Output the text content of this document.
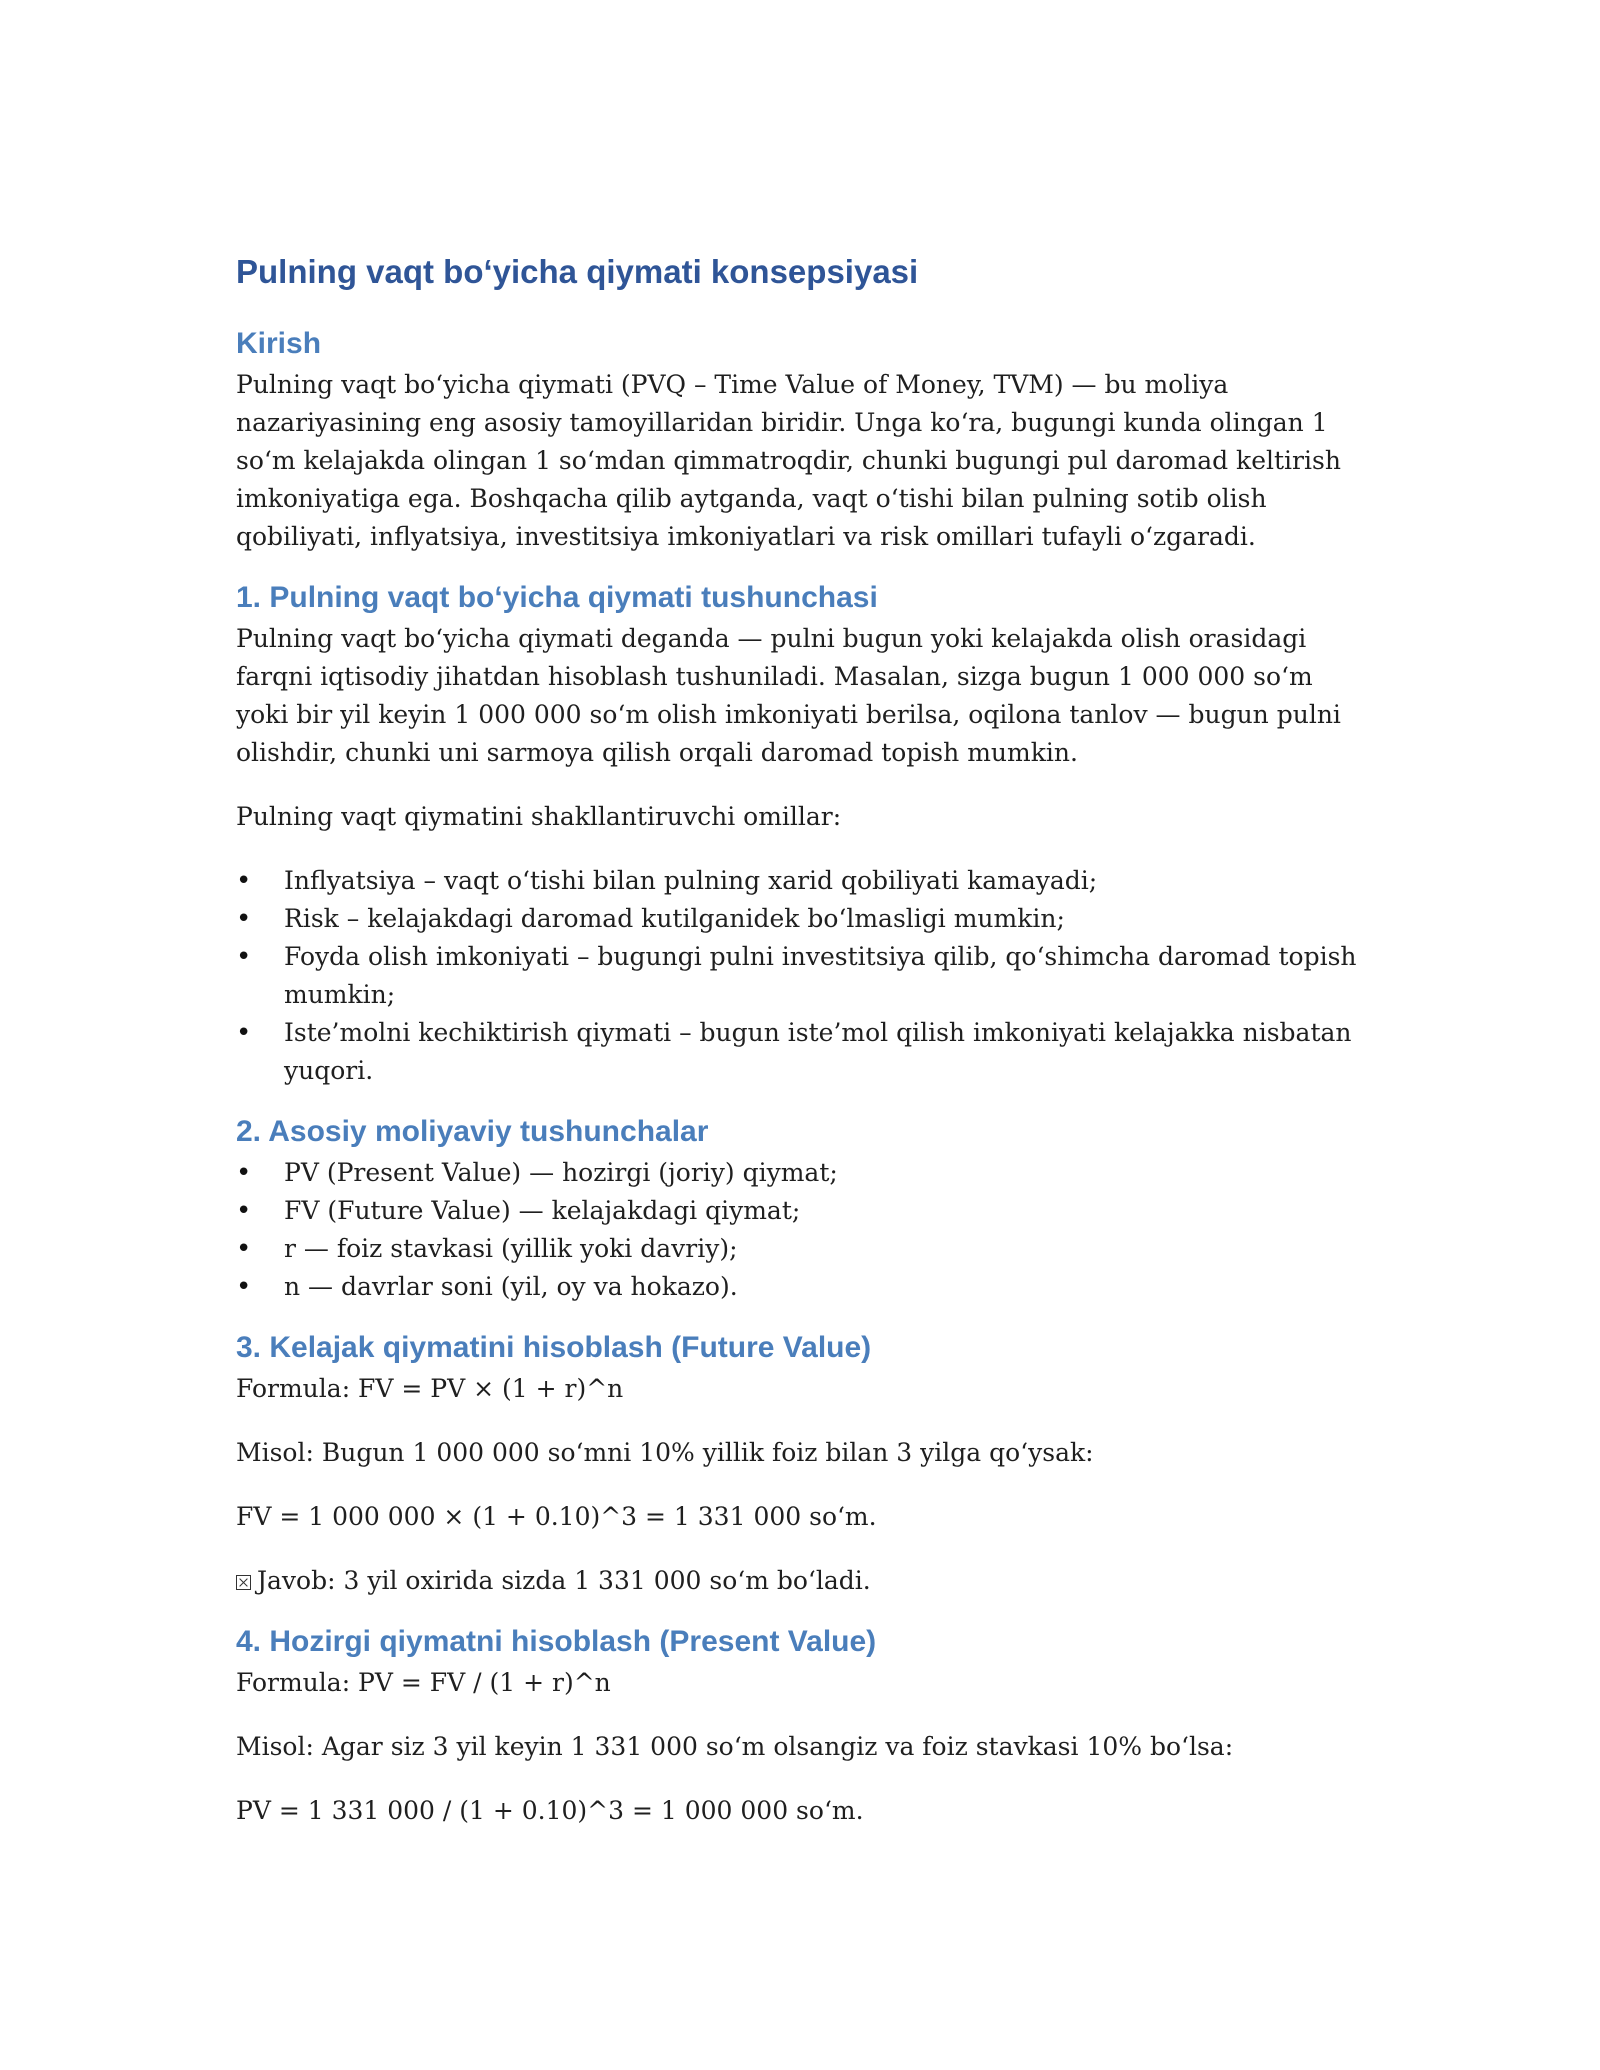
Pulning vaqt bo‘yicha qiymati konsepsiyasi
Kirish

Pulning vaqt bo‘yicha qiymati (PVQ – Time Value of Money, TVM) — bu moliya nazariyasining eng asosiy tamoyillaridan biridir. Unga ko‘ra, bugungi kunda olingan 1 so‘m kelajakda olingan 1 so‘mdan qimmatroqdir, chunki bugungi pul daromad keltirish imkoniyatiga ega. Boshqacha qilib aytganda, vaqt o‘tishi bilan pulning sotib olish qobiliyati, inflyatsiya, investitsiya imkoniyatlari va risk omillari tufayli o‘zgaradi.

1. Pulning vaqt bo‘yicha qiymati tushunchasi

Pulning vaqt bo‘yicha qiymati deganda — pulni bugun yoki kelajakda olish orasidagi farqni iqtisodiy jihatdan hisoblash tushuniladi. Masalan, sizga bugun 1 000 000 so‘m yoki bir yil keyin 1 000 000 so‘m olish imkoniyati berilsa, oqilona tanlov — bugun pulni olishdir, chunki uni sarmoya qilish orqali daromad topish mumkin.

Pulning vaqt qiymatini shakllantiruvchi omillar:

• Inflyatsiya – vaqt o‘tishi bilan pulning xarid qobiliyati kamayadi;
• Risk – kelajakdagi daromad kutilganidek bo‘lmasligi mumkin;
• Foyda olish imkoniyati – bugungi pulni investitsiya qilib, qo‘shimcha daromad topish mumkin;
• Iste’molni kechiktirish qiymati – bugun iste’mol qilish imkoniyati kelajakka nisbatan yuqori.
2. Asosiy moliyaviy tushunchalar
• PV (Present Value) — hozirgi (joriy) qiymat;
• FV (Future Value) — kelajakdagi qiymat;
• r — foiz stavkasi (yillik yoki davriy);
• n — davrlar soni (yil, oy va hokazo).
3. Kelajak qiymatini hisoblash (Future Value)

Formula: FV = PV × (1 + r)^n

Misol: Bugun 1 000 000 so‘mni 10% yillik foiz bilan 3 yilga qo‘ysak:

FV = 1 000 000 × (1 + 0.10)^3 = 1 331 000 so‘m.

Javob: 3 yil oxirida sizda 1 331 000 so‘m bo‘ladi.

4. Hozirgi qiymatni hisoblash (Present Value)

Formula: PV = FV / (1 + r)^n

Misol: Agar siz 3 yil keyin 1 331 000 so‘m olsangiz va foiz stavkasi 10% bo‘lsa:

PV = 1 331 000 / (1 + 0.10)^3 = 1 000 000 so‘m.
